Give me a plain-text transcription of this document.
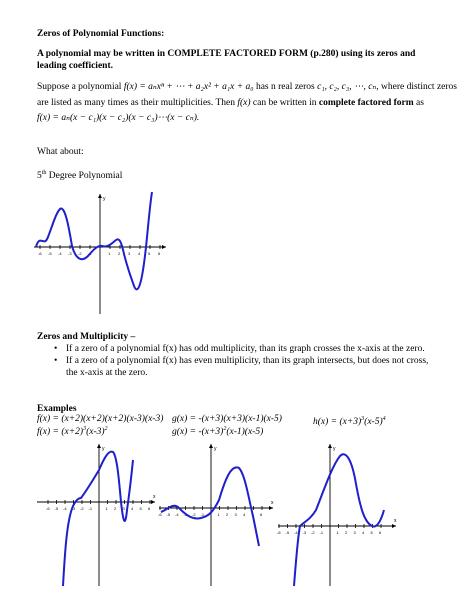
Zeros of Polynomial Functions:
A polynomial may be written in COMPLETE FACTORED FORM (p.280) using its zeros and leading coefficient.
Suppose a polynomial f(x) = aₙxⁿ + ⋯ + a₂x² + a₁x + a₀ has n real zeros c₁, c₂, c₃, ⋯, cₙ, where distinct zeros
are listed as many times as their multiplicities. Then f(x) can be written in complete factored form as
f(x) = aₙ(x − c₁)(x − c₂)(x − c₃)⋯(x − cₙ).
What about:
5th Degree Polynomial
y
-6 -5 -4 -3 -2 -1	1 2 3 4 5 6
Zeros and Multiplicity –
• If a zero of a polynomial f(x) has odd multiplicity, than its graph crosses the x-axis at the zero.
• If a zero of a polynomial f(x) has even multiplicity, than its graph intersects, but does not cross, the x-axis at the zero.
Examples
f(x) = (x+2)(x+2)(x+2)(x-3)(x-3) g(x) = -(x+3)(x+3)(x-1)(x-5)	$h(x) = (x+3)^3(x-5)^4$
$f(x) = (x+2)^3(x-3)^2$	$g(x) = -(x+3)^2(x-1)(x-5)$
x
y
-6 -5 -4 -3 -2 -1	1 2 3 4 5 6
x
y
-6 -5 -4 -3 -2 -1	1 2 3 4 5 6
x
y
-6 -5 -4 -3 -2 -1	1 2 3 4 5 6
